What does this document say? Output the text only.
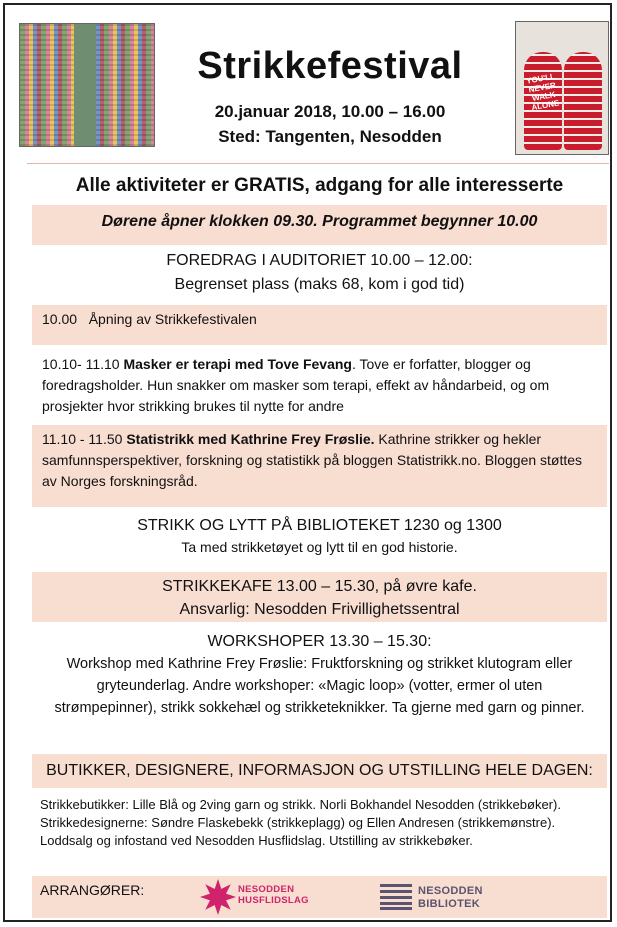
YOU'LL NEVER WALK ALONE
Strikkefestival
20.januar 2018, 10.00 – 16.00
Sted: Tangenten, Nesodden
Alle aktiviteter er GRATIS, adgang for alle interesserte
Dørene åpner klokken 09.30. Programmet begynner 10.00
FOREDRAG I AUDITORIET 10.00 – 12.00:
Begrenset plass (maks 68, kom i god tid)
10.00 Åpning av Strikkefestivalen
10.10- 11.10 Masker er terapi med Tove Fevang. Tove er forfatter, blogger og foredragsholder. Hun snakker om masker som terapi, effekt av håndarbeid, og om prosjekter hvor strikking brukes til nytte for andre
11.10 - 11.50 Statistrikk med Kathrine Frey Frøslie. Kathrine strikker og hekler samfunnsperspektiver, forskning og statistikk på bloggen Statistrikk.no. Bloggen støttes av Norges forskningsråd.
STRIKK OG LYTT PÅ BIBLIOTEKET 1230 og 1300
Ta med strikketøyet og lytt til en god historie.
STRIKKEKAFE 13.00 – 15.30, på øvre kafe.
Ansvarlig: Nesodden Frivillighetssentral
WORKSHOPER 13.30 – 15.30:
Workshop med Kathrine Frey Frøslie: Fruktforskning og strikket klutogram eller gryteunderlag. Andre workshoper: «Magic loop» (votter, ermer ol uten strømpepinner), strikk sokkehæl og strikketeknikker. Ta gjerne med garn og pinner.
BUTIKKER, DESIGNERE, INFORMASJON OG UTSTILLING HELE DAGEN:
Strikkebutikker: Lille Blå og 2ving garn og strikk. Norli Bokhandel Nesodden (strikkebøker). Strikkedesignerne: Søndre Flaskebekk (strikkeplagg) og Ellen Andresen (strikkemønstre). Loddsalg og infostand ved Nesodden Husflidslag. Utstilling av strikkebøker.
ARRANGØRER:	NESODDEN
HUSFLIDSLAG
NESODDEN
BIBLIOTEK
